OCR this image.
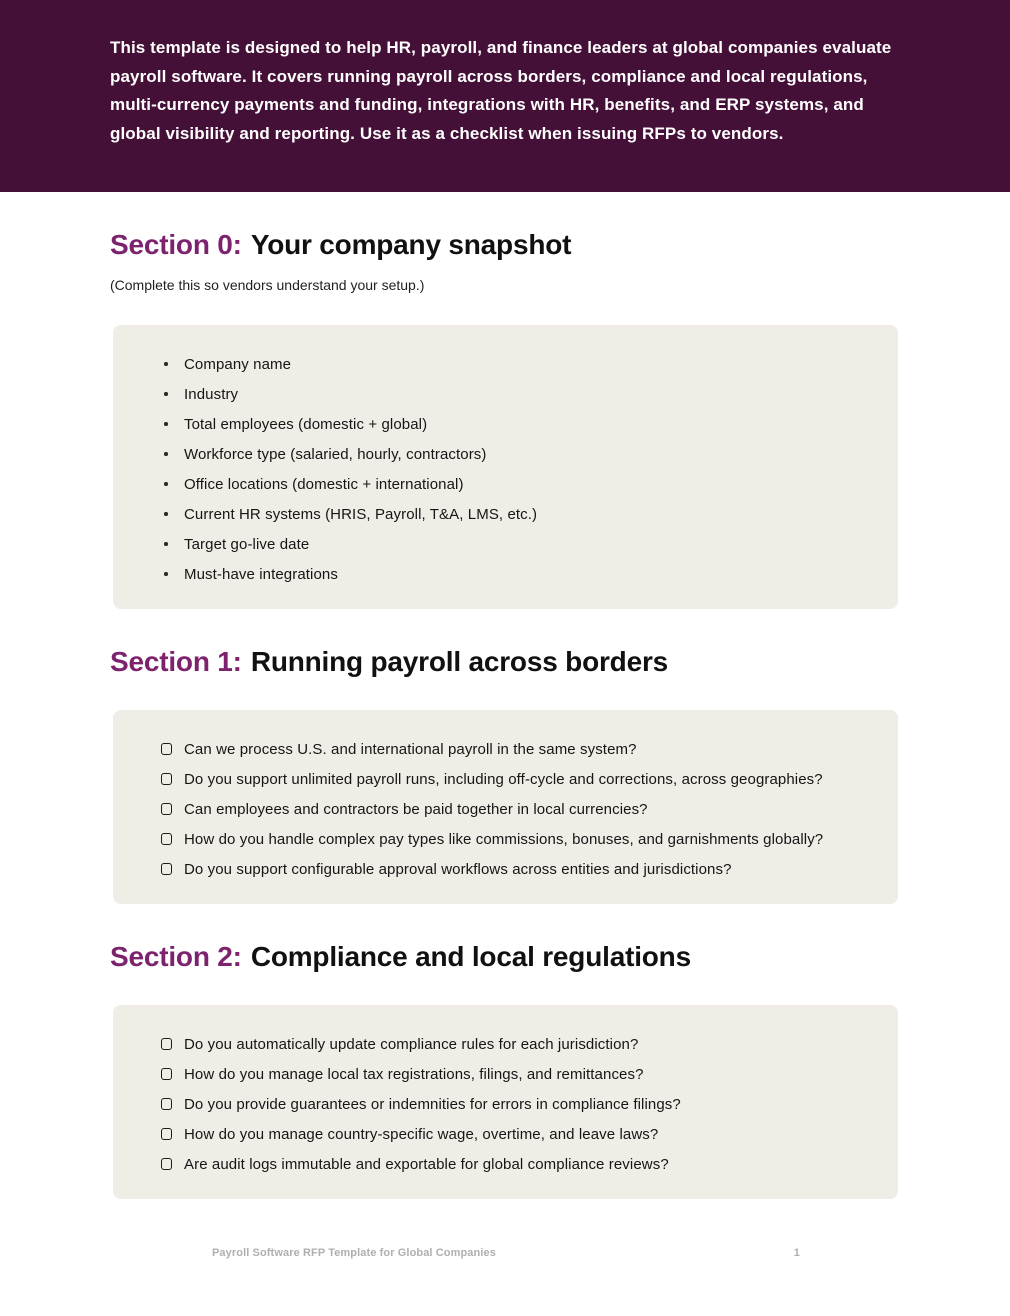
This template is designed to help HR, payroll, and finance leaders at global companies evaluate payroll software. It covers running payroll across borders, compliance and local regulations, multi-currency payments and funding, integrations with HR, benefits, and ERP systems, and global visibility and reporting. Use it as a checklist when issuing RFPs to vendors.

Section 0: Your company snapshot

(Complete this so vendors understand your setup.)

Company name
Industry
Total employees (domestic + global)
Workforce type (salaried, hourly, contractors)
Office locations (domestic + international)
Current HR systems (HRIS, Payroll, T&A, LMS, etc.)
Target go-live date
Must-have integrations
Section 1: Running payroll across borders
Can we process U.S. and international payroll in the same system?
Do you support unlimited payroll runs, including off-cycle and corrections, across geographies?
Can employees and contractors be paid together in local currencies?
How do you handle complex pay types like commissions, bonuses, and garnishments globally?
Do you support configurable approval workflows across entities and jurisdictions?
Section 2: Compliance and local regulations
Do you automatically update compliance rules for each jurisdiction?
How do you manage local tax registrations, filings, and remittances?
Do you provide guarantees or indemnities for errors in compliance filings?
How do you manage country-specific wage, overtime, and leave laws?
Are audit logs immutable and exportable for global compliance reviews?
Payroll Software RFP Template for Global Companies	1
